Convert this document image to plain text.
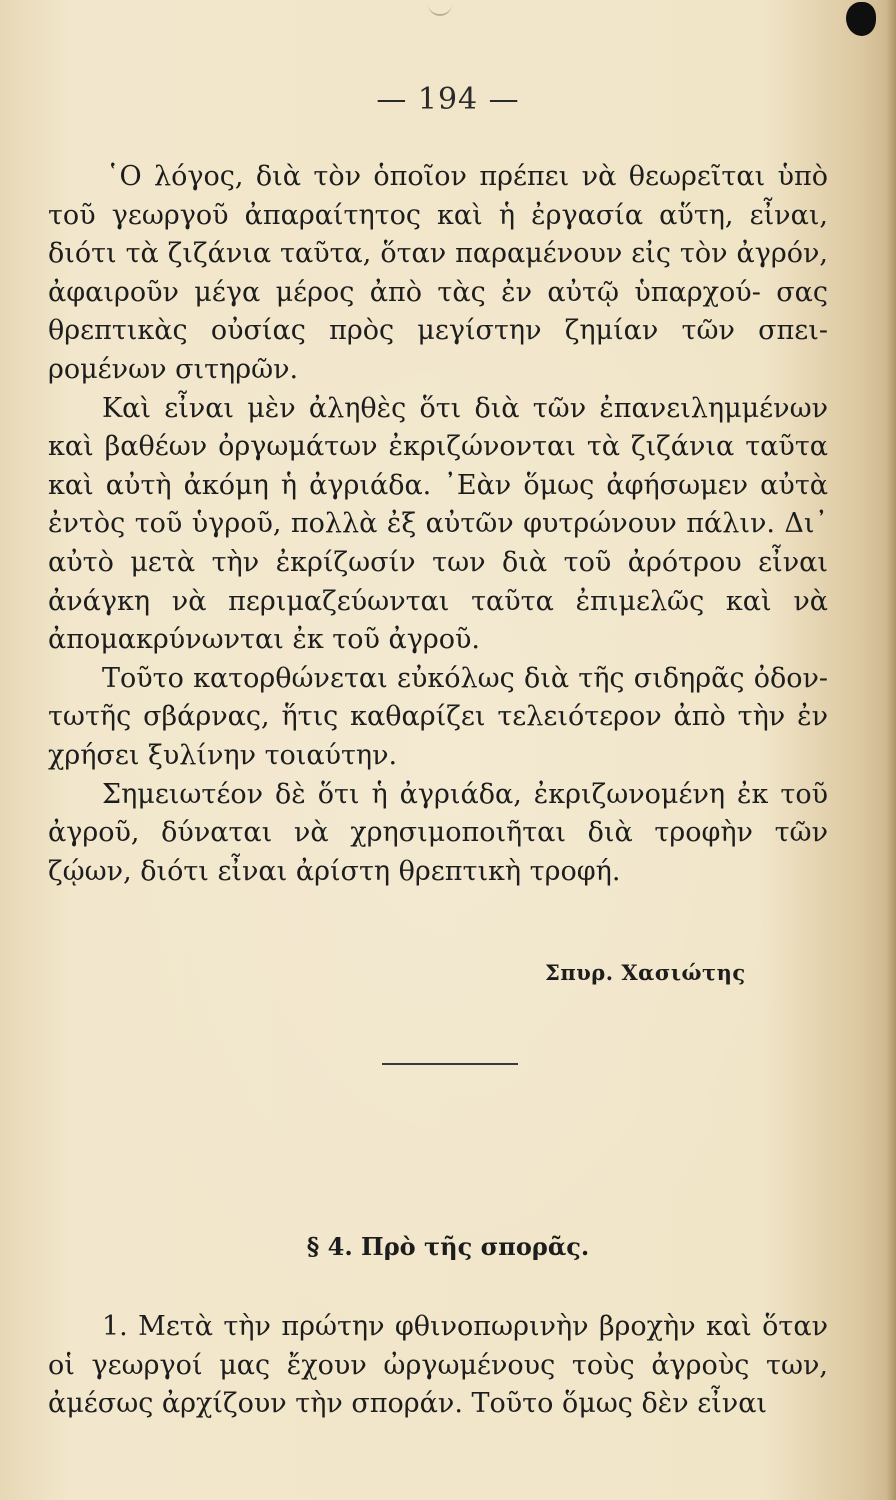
— 194 —

῾Ο λόγος, διὰ τὸν ὁποῖον πρέπει νὰ θεωρεῖται ὑπὸ τοῦ γεωργοῦ ἀπαραίτητος καὶ ἡ ἐργασία αὕτη, εἶναι, διότι τὰ ζιζάνια ταῦτα, ὅταν παραμένουν εἰς τὸν ἀγρόν, ἀφαιροῦν μέγα μέρος ἀπὸ τὰς ἐν αὐτῷ ὑπαρχού- σας θρεπτικὰς οὐσίας πρὸς μεγίστην ζημίαν τῶν σπει- ρομένων σιτηρῶν.

Καὶ εἶναι μὲν ἀληθὲς ὅτι διὰ τῶν ἐπανειλημμένων καὶ βαθέων ὀργωμάτων ἐκριζώνονται τὰ ζιζάνια ταῦτα καὶ αὐτὴ ἀκόμη ἡ ἀγριάδα. ᾿Εὰν ὅμως ἀφήσωμεν αὐτὰ ἐντὸς τοῦ ὑγροῦ, πολλὰ ἐξ αὐτῶν φυτρώνουν πάλιν. Δι᾿ αὐτὸ μετὰ τὴν ἐκρίζωσίν των διὰ τοῦ ἀρότρου εἶναι ἀνάγκη νὰ περιμαζεύωνται ταῦτα ἐπιμελῶς καὶ νὰ ἀπομακρύνωνται ἐκ τοῦ ἀγροῦ.

Τοῦτο κατορθώνεται εὐκόλως διὰ τῆς σιδηρᾶς ὀδον- τωτῆς σβάρνας, ἥτις καθαρίζει τελειότερον ἀπὸ τὴν ἐν χρήσει ξυλίνην τοιαύτην.

Σημειωτέον δὲ ὅτι ἡ ἀγριάδα, ἐκριζωνομένη ἐκ τοῦ ἀγροῦ, δύναται νὰ χρησιμοποιῆται διὰ τροφὴν τῶν ζῴων, διότι εἶναι ἀρίστη θρεπτικὴ τροφή.

Σπυρ. Χασιώτης
§ 4. Πρὸ τῆς σπορᾶς.

1. Μετὰ τὴν πρώτην φθινοπωρινὴν βροχὴν καὶ ὅταν οἱ γεωργοί μας ἔχουν ὠργωμένους τοὺς ἀγροὺς των, ἀμέσως ἀρχίζουν τὴν σποράν. Τοῦτο ὅμως δὲν εἶναι
